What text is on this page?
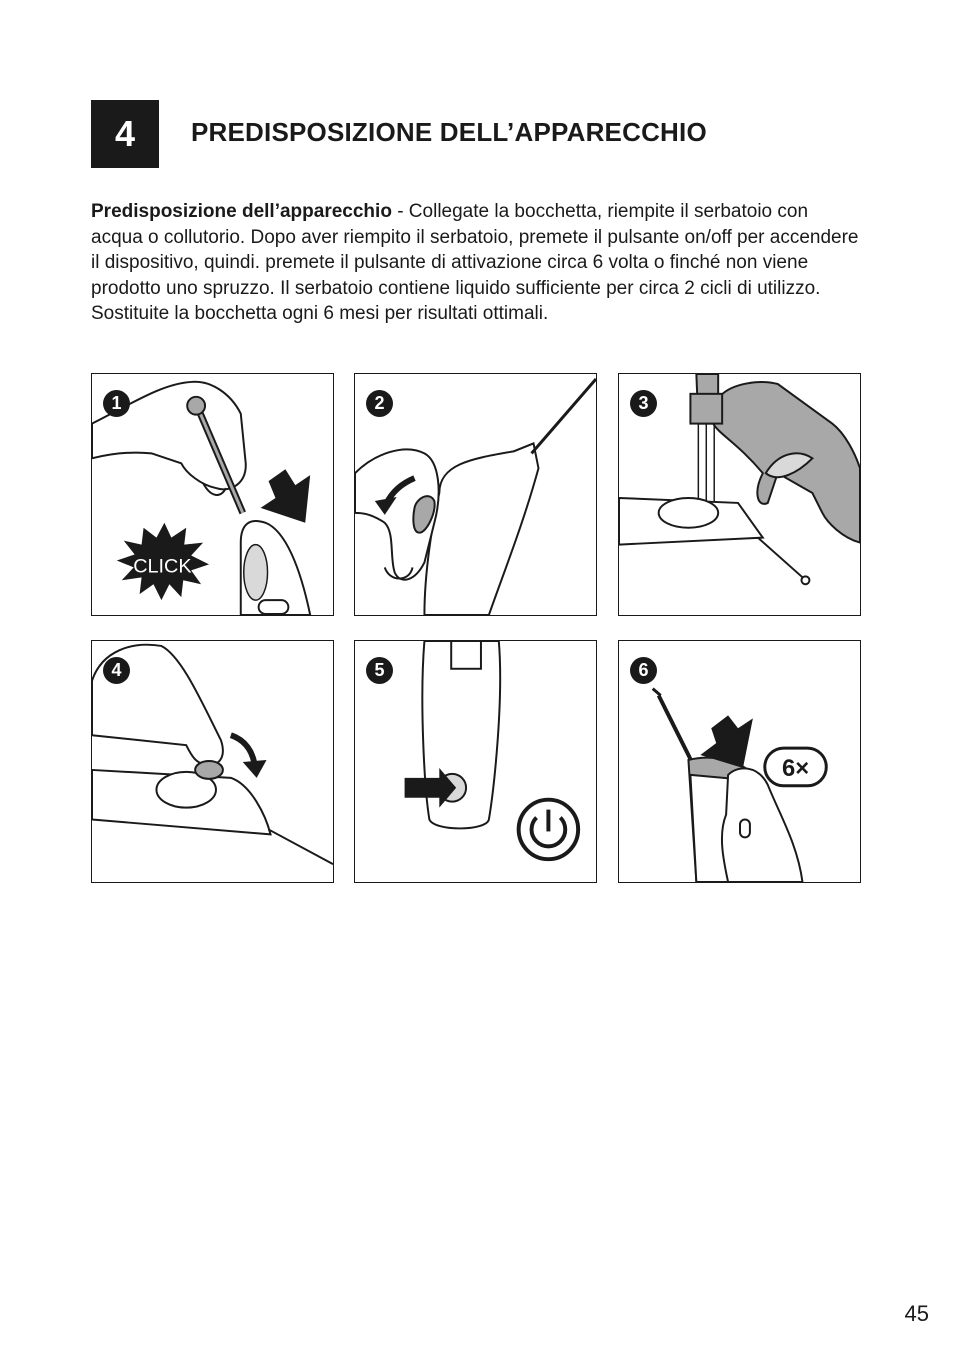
4	PREDISPOSIZIONE DELL’APPARECCHIO

Predisposizione dell’apparecchio - Collegate la bocchetta, riempite il serbatoio con acqua o collutorio. Dopo aver riempito il serbatoio, premete il pulsante on/off per accendere il dispositivo, quindi. premete il pulsante di attivazione circa 6 volta o finché non viene prodotto uno spruzzo. Il serbatoio contiene liquido sufficiente per circa 2 cicli di utilizzo. Sostituite la bocchetta ogni 6 mesi per risultati ottimali.

1
CLICK
2	3
4	5	6
6×
45
